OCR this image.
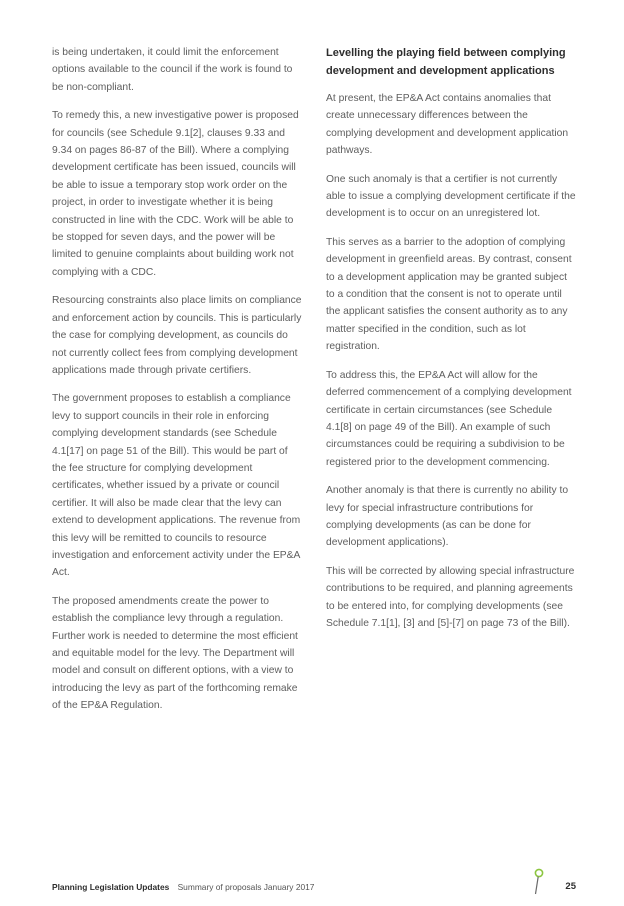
is being undertaken, it could limit the enforcement options available to the council if the work is found to be non-compliant.

To remedy this, a new investigative power is proposed for councils (see Schedule 9.1[2], clauses 9.33 and 9.34 on pages 86-87 of the Bill). Where a complying development certificate has been issued, councils will be able to issue a temporary stop work order on the project, in order to investigate whether it is being constructed in line with the CDC. Work will be able to be stopped for seven days, and the power will be limited to genuine complaints about building work not complying with a CDC.

Resourcing constraints also place limits on compliance and enforcement action by councils. This is particularly the case for complying development, as councils do not currently collect fees from complying development applications made through private certifiers.

The government proposes to establish a compliance levy to support councils in their role in enforcing complying development standards (see Schedule 4.1[17] on page 51 of the Bill). This would be part of the fee structure for complying development certificates, whether issued by a private or council certifier. It will also be made clear that the levy can extend to development applications. The revenue from this levy will be remitted to councils to resource investigation and enforcement activity under the EP&A Act.

The proposed amendments create the power to establish the compliance levy through a regulation. Further work is needed to determine the most efficient and equitable model for the levy. The Department will model and consult on different options, with a view to introducing the levy as part of the forthcoming remake of the EP&A Regulation.

Levelling the playing field between complying development and development applications

At present, the EP&A Act contains anomalies that create unnecessary differences between the complying development and development application pathways.

One such anomaly is that a certifier is not currently able to issue a complying development certificate if the development is to occur on an unregistered lot.

This serves as a barrier to the adoption of complying development in greenfield areas. By contrast, consent to a development application may be granted subject to a condition that the consent is not to operate until the applicant satisfies the consent authority as to any matter specified in the condition, such as lot registration.

To address this, the EP&A Act will allow for the deferred commencement of a complying development certificate in certain circumstances (see Schedule 4.1[8] on page 49 of the Bill). An example of such circumstances could be requiring a subdivision to be registered prior to the development commencing.

Another anomaly is that there is currently no ability to levy for special infrastructure contributions for complying developments (as can be done for development applications).

This will be corrected by allowing special infrastructure contributions to be required, and planning agreements to be entered into, for complying developments (see Schedule 7.1[1], [3] and [5]-[7] on page 73 of the Bill).

Planning Legislation Updates Summary of proposals January 2017	25
